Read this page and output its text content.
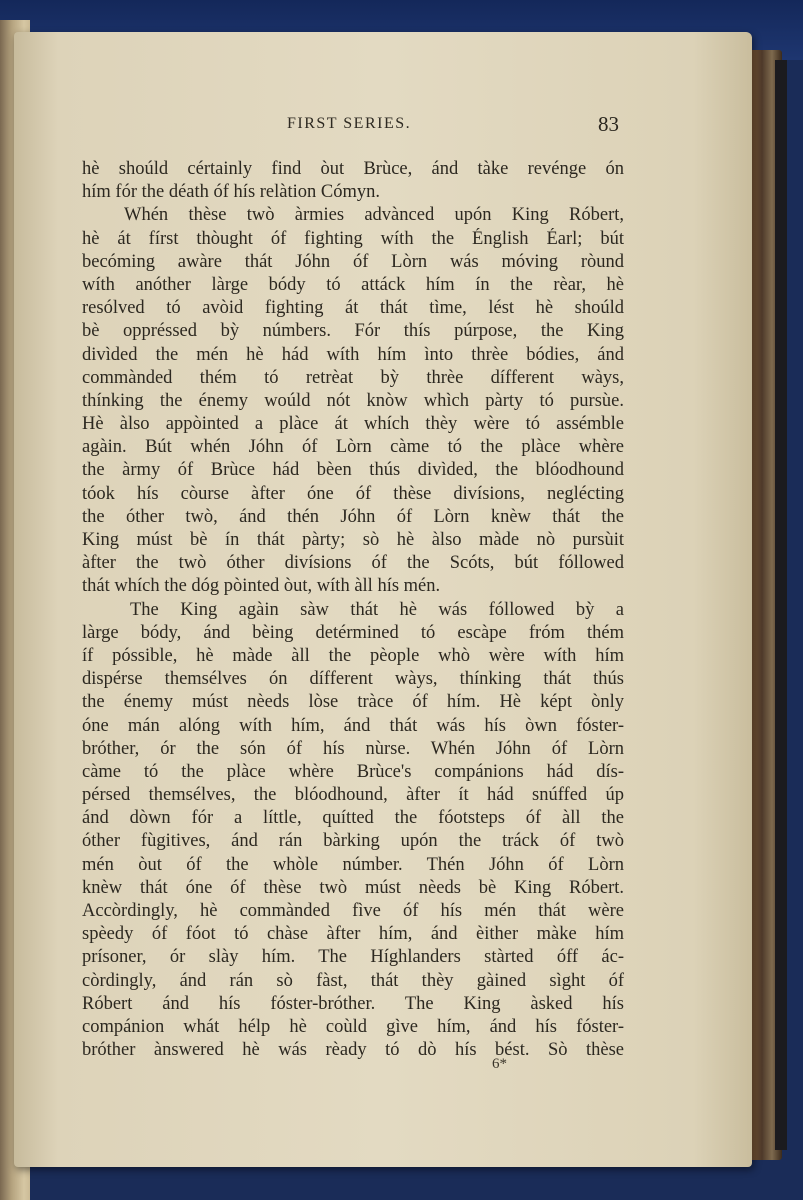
FIRST SERIES.	83
hè shoúld cértainly find òut Brùce, ánd tàke revénge ón
hím fór the déath óf hís relàtion Cómyn.
Whén thèse twò àrmies advànced upón King Róbert,
hè át fírst thòught óf fighting wíth the Énglish Éarl; bút
becóming awàre thát Jóhn óf Lòrn wás móving ròund
wíth anóther làrge bódy tó attáck hím ín the rèar, hè
resólved tó avòid fighting át thát tìme, lést hè shoúld
bè oppréssed bỳ númbers. Fór thís púrpose, the King
divìded the mén hè hád wíth hím ìnto thrèe bódies, ánd
commànded thém tó retrèat bỳ thrèe dífferent wàys,
thínking the énemy woúld nót knòw whìch pàrty tó pursùe.
Hè àlso appòinted a plàce át whích thèy wère tó assémble
agàin. Bút whén Jóhn óf Lòrn càme tó the plàce whère
the àrmy óf Brùce hád bèen thús divìded, the blóodhound
tóok hís còurse àfter óne óf thèse divísions, neglécting
the óther twò, ánd thén Jóhn óf Lòrn knèw thát the
King múst bè ín thát pàrty; sò hè àlso màde nò pursùit
àfter the twò óther divísions óf the Scóts, bút fóllowed
thát whích the dóg pòinted òut, wíth àll hís mén.
The King agàin sàw thát hè wás fóllowed bỳ a
làrge bódy, ánd bèing detérmined tó escàpe fróm thém
íf póssible, hè màde àll the pèople whò wère wíth hím
dispérse themsélves ón dífferent wàys, thínking thát thús
the énemy múst nèeds lòse tràce óf hím. Hè képt ònly
óne mán alóng wíth hím, ánd thát wás hís òwn fóster-
bróther, ór the són óf hís nùrse. Whén Jóhn óf Lòrn
càme tó the plàce whère Brùce's compánions hád dís-
pérsed themsélves, the blóodhound, àfter ít hád snúffed úp
ánd dòwn fór a líttle, quítted the fóotsteps óf àll the
óther fùgitives, ánd rán bàrking upón the tráck óf twò
mén òut óf the whòle númber. Thén Jóhn óf Lòrn
knèw thát óne óf thèse twò múst nèeds bè King Róbert.
Accòrdingly, hè commànded fìve óf hís mén thát wère
spèedy óf fóot tó chàse àfter hím, ánd èither màke hím
prísoner, ór slày hím. The Híghlanders stàrted óff ác-
còrdingly, ánd rán sò fàst, thát thèy gàined sìght óf
Róbert ánd hís fóster-bróther. The King àsked hís
compánion whát hélp hè coùld gìve hím, ánd hís fóster-
bróther ànswered hè wás rèady tó dò hís bést. Sò thèse
6*
